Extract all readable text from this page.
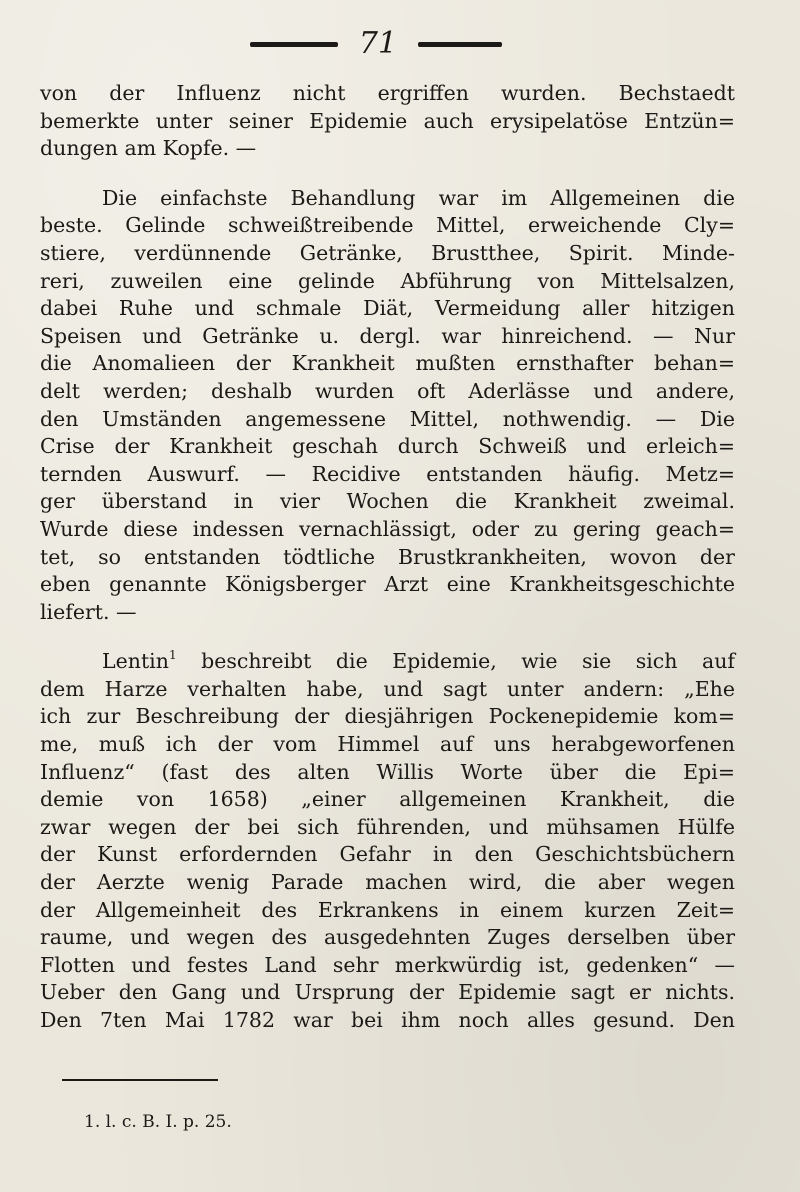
71

von der Influenz nicht ergriffen wurden. Bechstaedt
bemerkte unter seiner Epidemie auch erysipelatöse Entzün=
dungen am Kopfe. —

Die einfachste Behandlung war im Allgemeinen die
beste. Gelinde schweißtreibende Mittel, erweichende Cly=
stiere, verdünnende Getränke, Brustthee, Spirit. Minde-
reri, zuweilen eine gelinde Abführung von Mittelsalzen,
dabei Ruhe und schmale Diät, Vermeidung aller hitzigen
Speisen und Getränke u. dergl. war hinreichend. — Nur
die Anomalieen der Krankheit mußten ernsthafter behan=
delt werden; deshalb wurden oft Aderlässe und andere,
den Umständen angemessene Mittel, nothwendig. — Die
Crise der Krankheit geschah durch Schweiß und erleich=
ternden Auswurf. — Recidive entstanden häufig. Metz=
ger überstand in vier Wochen die Krankheit zweimal.
Wurde diese indessen vernachlässigt, oder zu gering geach=
tet, so entstanden tödtliche Brustkrankheiten, wovon der
eben genannte Königsberger Arzt eine Krankheitsgeschichte
liefert. —

Lentin$^1$ beschreibt die Epidemie, wie sie sich auf
dem Harze verhalten habe, und sagt unter andern: „Ehe
ich zur Beschreibung der diesjährigen Pockenepidemie kom=
me, muß ich der vom Himmel auf uns herabgeworfenen
Influenz“ (fast des alten Willis Worte über die Epi=
demie von 1658) „einer allgemeinen Krankheit, die
zwar wegen der bei sich führenden, und mühsamen Hülfe
der Kunst erfordernden Gefahr in den Geschichtsbüchern
der Aerzte wenig Parade machen wird, die aber wegen
der Allgemeinheit des Erkrankens in einem kurzen Zeit=
raume, und wegen des ausgedehnten Zuges derselben über
Flotten und festes Land sehr merkwürdig ist, gedenken“ —
Ueber den Gang und Ursprung der Epidemie sagt er nichts.
Den 7ten Mai 1782 war bei ihm noch alles gesund. Den

1. l. c. B. I. p. 25.
